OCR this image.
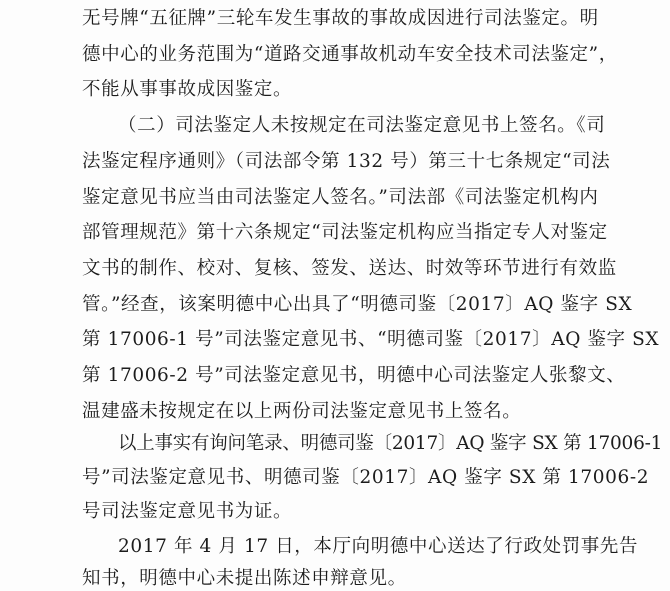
无号牌“五征牌”三轮车发生事故的事故成因进行司法鉴定。明
德中心的业务范围为“道路交通事故机动车安全技术司法鉴定”，
不能从事事故成因鉴定。
（二）司法鉴定人未按规定在司法鉴定意见书上签名。《司
法鉴定程序通则》（司法部令第 132 号）第三十七条规定“司法
鉴定意见书应当由司法鉴定人签名。”司法部《司法鉴定机构内
部管理规范》第十六条规定“司法鉴定机构应当指定专人对鉴定
文书的制作、校对、复核、签发、送达、时效等环节进行有效监
管。”经查，该案明德中心出具了“明德司鉴〔2017〕AQ 鉴字 SX
第 17006-1 号”司法鉴定意见书、“明德司鉴〔2017〕AQ 鉴字 SX
第 17006-2 号”司法鉴定意见书，明德中心司法鉴定人张黎文、
温建盛未按规定在以上两份司法鉴定意见书上签名。
以上事实有询问笔录、明德司鉴〔2017〕AQ 鉴字 SX 第 17006-1
号”司法鉴定意见书、明德司鉴〔2017〕AQ 鉴字 SX 第 17006-2
号司法鉴定意见书为证。
2017 年 4 月 17 日，本厅向明德中心送达了行政处罚事先告
知书，明德中心未提出陈述申辩意见。
